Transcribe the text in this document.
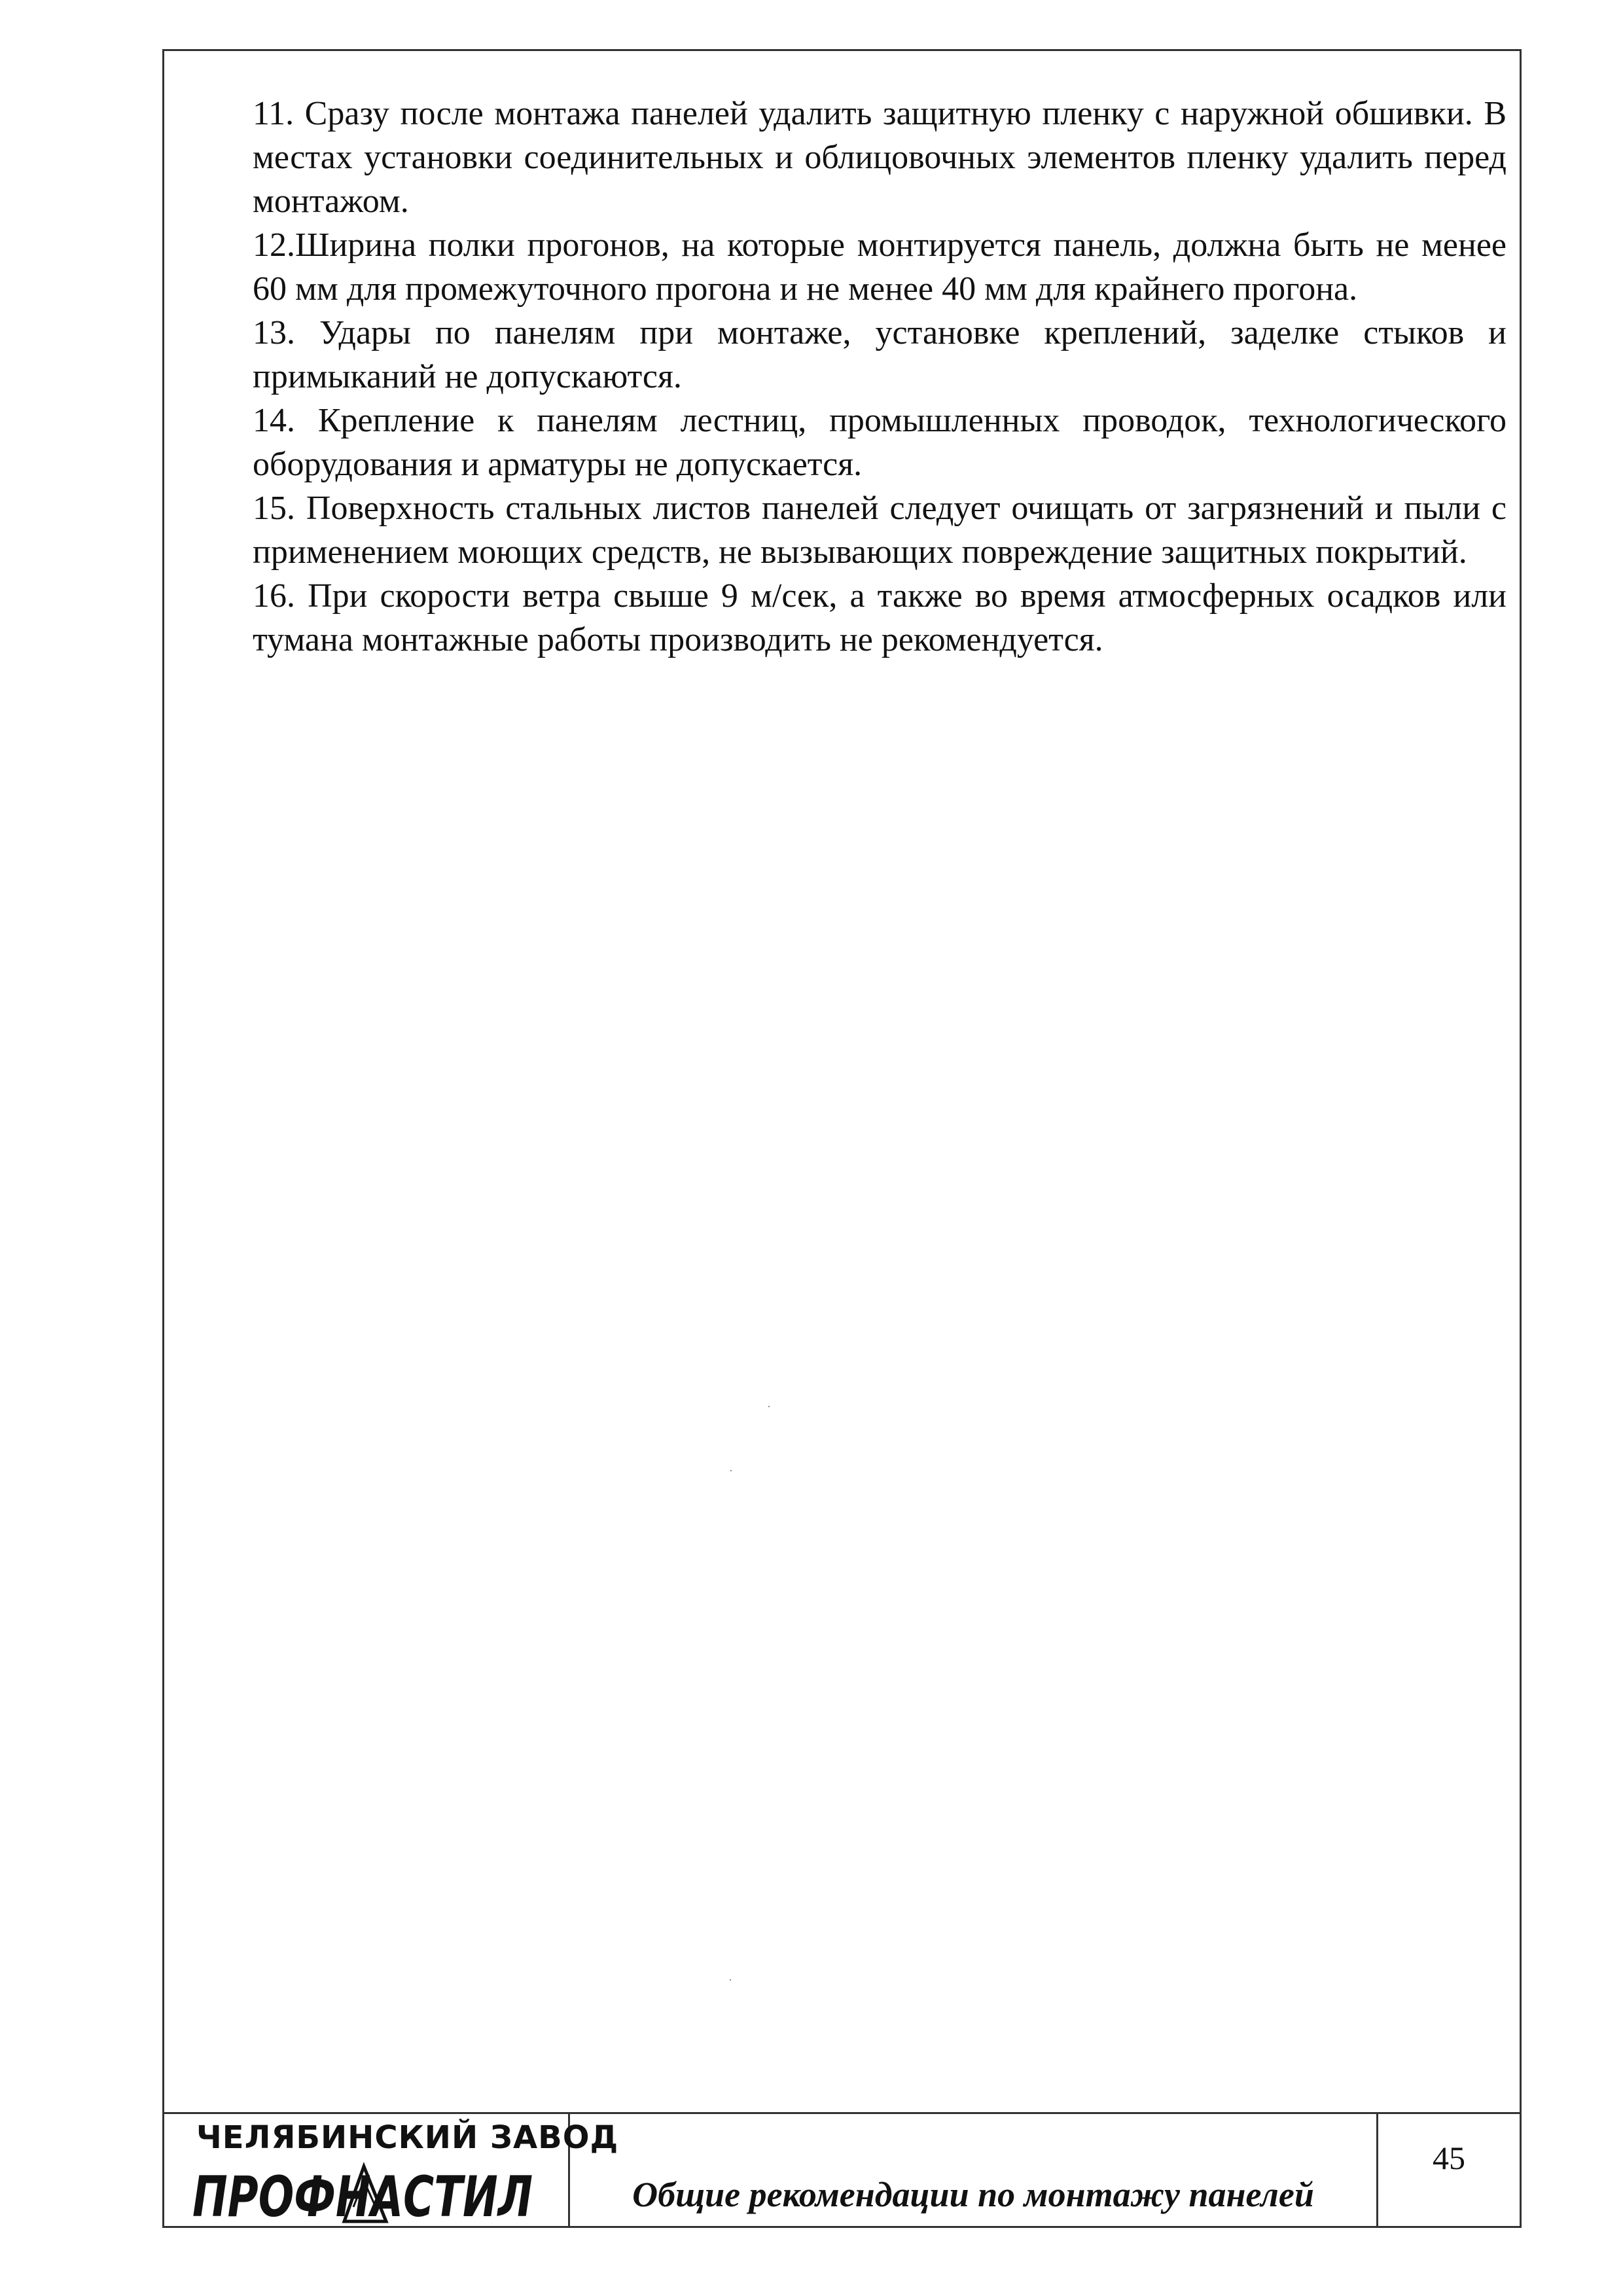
11. Сразу после монтажа панелей удалить защитную пленку с наружной обшивки. В местах установки соединительных и облицовочных элементов пленку удалить перед монтажом.

12.Ширина полки прогонов, на которые монтируется панель, должна быть не менее 60 мм для промежуточного прогона и не менее 40 мм для крайнего прогона.

13. Удары по панелям при монтаже, установке креплений, заделке стыков и примыканий не допускаются.

14. Крепление к панелям лестниц, промышленных проводок, технологического оборудования и арматуры не допускается.

15. Поверхность стальных листов панелей следует очищать от загрязнений и пыли с применением моющих средств, не вызывающих повреждение защитных покрытий.

16. При скорости ветра свыше 9 м/сек, а также во время атмосферных осадков или тумана монтажные работы производить не рекомендуется.

ЧЕЛЯБИНСКИЙ ЗАВОД
ПРОФНАСТИЛ	Общие рекомендации по монтажу панелей
45
